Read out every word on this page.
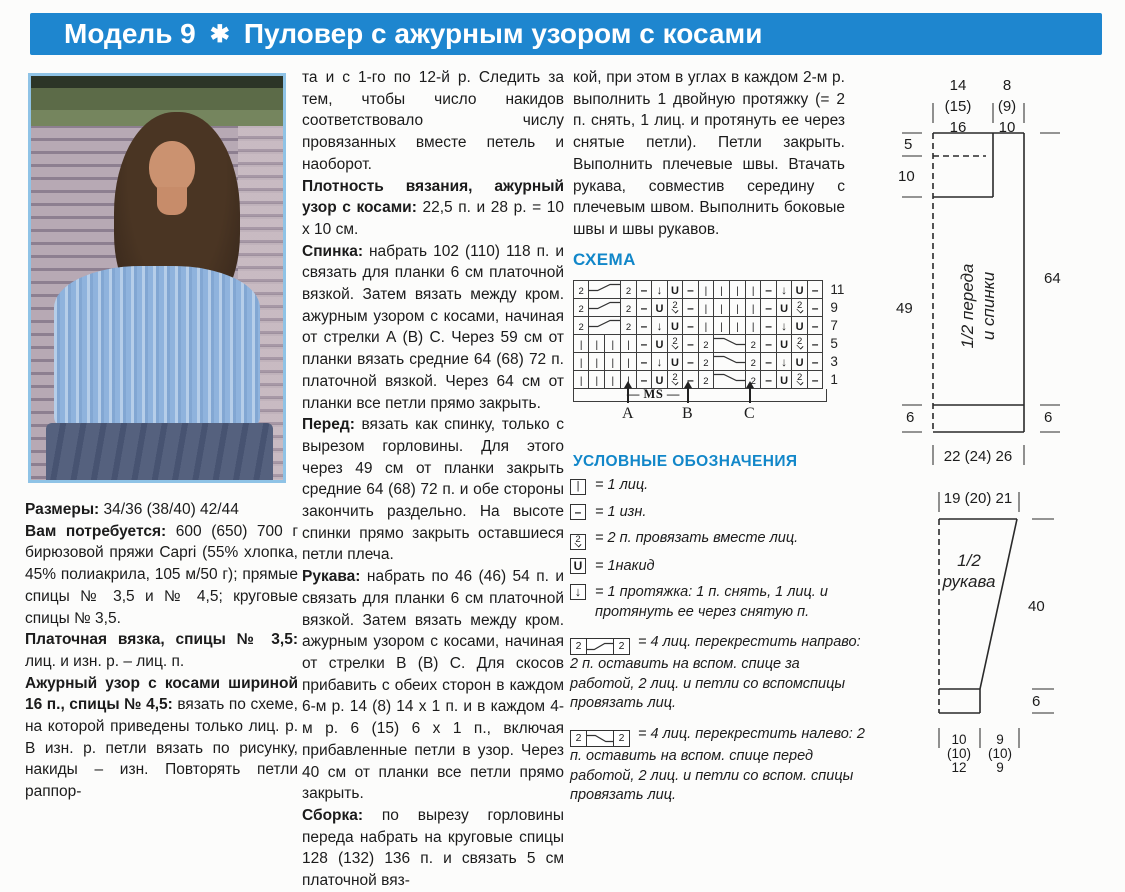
Модель 9 ✱ Пуловер с ажурным узором с косами

Размеры: 34/36 (38/40) 42/44

Вам потребуется: 600 (650) 700 г бирюзовой пряжи Capri (55% хлопка, 45% полиакрила, 105 м/50 г); прямые спицы № 3,5 и № 4,5; круговые спицы № 3,5.

Платочная вязка, спицы № 3,5: лиц. и изн. р. – лиц. п.

Ажурный узор с косами шириной 16 п., спицы № 4,5: вязать по схеме, на которой приведены только лиц. р. В изн. р. петли вязать по рисунку, накиды – изн. Повторять петли раппор-

та и с 1-го по 12-й р. Следить за тем, чтобы число накидов соответствовало числу провязанных вместе петель и наоборот.

Плотность вязания, ажурный узор с косами: 22,5 п. и 28 р. = 10 х 10 см.

Спинка: набрать 102 (110) 118 п. и связать для планки 6 см платочной вязкой. Затем вязать между кром. ажурным узором с косами, начиная от стрелки А (В) С. Через 59 см от планки вязать средние 64 (68) 72 п. платочной вязкой. Через 64 см от планки все петли прямо закрыть.

Перед: вязать как спинку, только с вырезом горловины. Для этого через 49 см от планки закрыть средние 64 (68) 72 п. и обе стороны закончить раздельно. На высоте спинки прямо закрыть оставшиеся петли плеча.

Рукава: набрать по 46 (46) 54 п. и связать для планки 6 см платочной вязкой. Затем вязать между кром. ажурным узором с косами, начиная от стрелки В (В) С. Для скосов прибавить с обеих сторон в каждом 6-м р. 14 (8) 14 х 1 п. и в каждом 4-м р. 6 (15) 6 х 1 п., включая прибавленные петли в узор. Через 40 см от планки все петли прямо закрыть.

Сборка: по вырезу горловины переда набрать на круговые спицы 128 (132) 136 п. и связать 5 см платочной вяз-

кой, при этом в углах в каждом 2-м р. выполнить 1 двойную протяжку (= 2 п. снять, 1 лиц. и протянуть ее через снятые петли). Петли закрыть. Выполнить плечевые швы. Втачать рукава, совместив середину с плечевым швом. Выполнить боковые швы и швы рукавов.

СХЕМА
2			2	–	↓	U	–	|	|	|	|	–	↓	U	–	11
2			2	–	U	2	–	|	|	|	|	–	U	2	–	9
2			2	–	↓	U	–	|	|	|	|	–	↓	U	–	7
|	|	|	|	–	U	2	–	2			2	–	U	2	–	5
|	|	|	|	–	↓	U	–	2			2	–	↓	U	–	3
|	|	|	|	–	U	2	–	2			2	–	U	2	–	1
— MS —
A	B	C
УСЛОВНЫЕ ОБОЗНАЧЕНИЯ
| = 1 лиц.
– = 1 изн.
2 = 2 п. провязать вместе лиц.
U = 1накид
↓ = 1 протяжка: 1 п. снять, 1 лиц. и протянуть ее через снятую п.
2	2 = 4 лиц. перекрестить направо: 2 п. оставить на вспом. спице за работой, 2 лиц. и петли со вспомспицы провязать лиц.
2	2 = 4 лиц. перекрестить налево: 2 п. оставить на вспом. спице перед работой, 2 лиц. и петли со вспом. спицы провязать лиц.
14
(15)
16
8
(9)
10
5
10
49
64
6	6
22 (24) 26
1/2 переда и спинки
19 (20) 21
40
6
10
(10)
12
9
(10)
9
1/2
рукава
